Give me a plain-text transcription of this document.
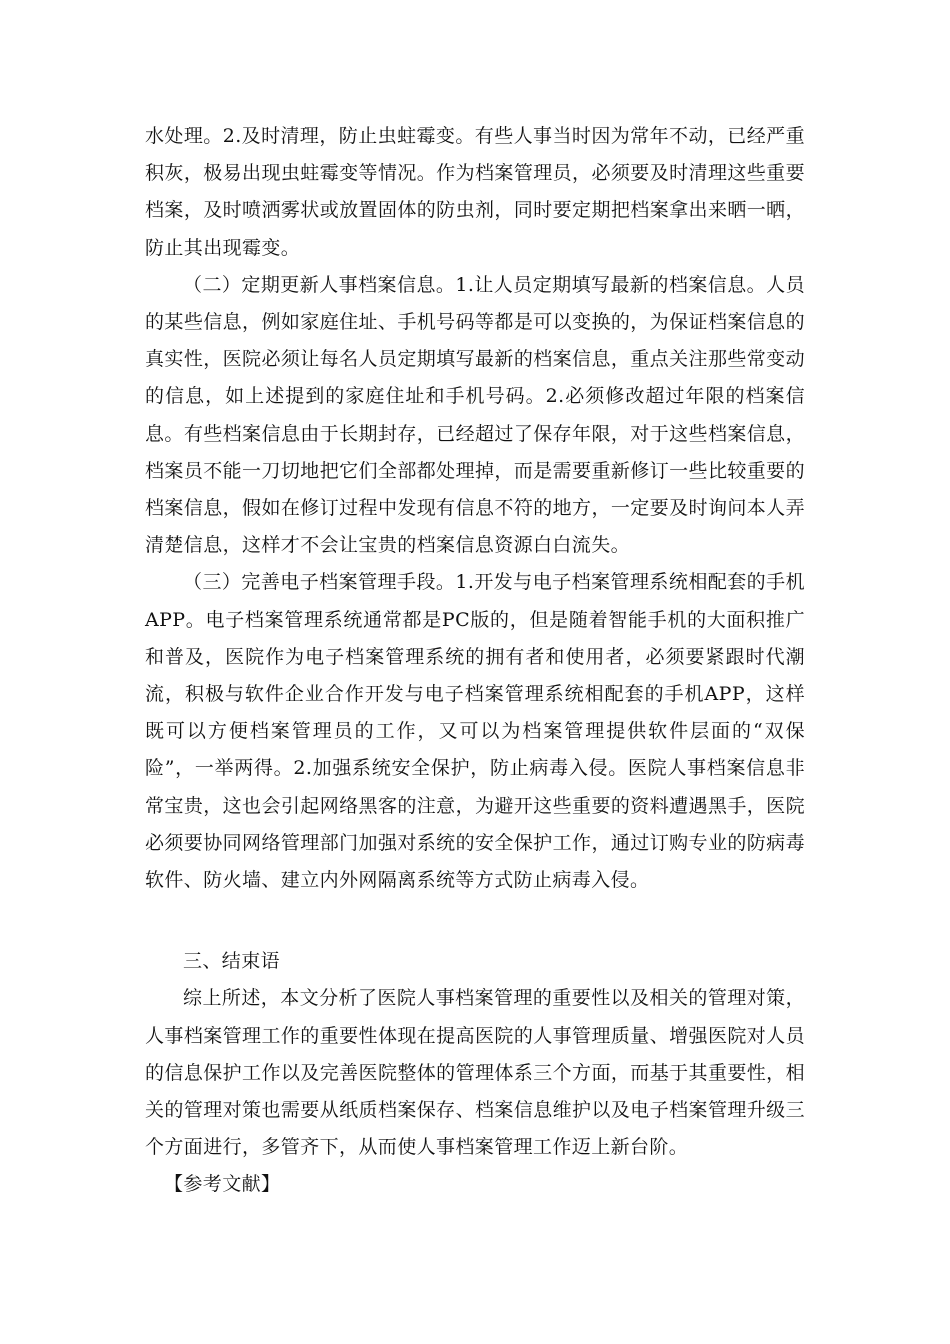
水处理。2.及时清理，防止虫蛀霉变。有些人事当时因为常年不动，已经严重积灰，极易出现虫蛀霉变等情况。作为档案管理员，必须要及时清理这些重要档案，及时喷洒雾状或放置固体的防虫剂，同时要定期把档案拿出来晒一晒，防止其出现霉变。

（二）定期更新人事档案信息。1.让人员定期填写最新的档案信息。人员的某些信息，例如家庭住址、手机号码等都是可以变换的，为保证档案信息的真实性，医院必须让每名人员定期填写最新的档案信息，重点关注那些常变动的信息，如上述提到的家庭住址和手机号码。2.必须修改超过年限的档案信息。有些档案信息由于长期封存，已经超过了保存年限，对于这些档案信息，档案员不能一刀切地把它们全部都处理掉，而是需要重新修订一些比较重要的档案信息，假如在修订过程中发现有信息不符的地方，一定要及时询问本人弄清楚信息，这样才不会让宝贵的档案信息资源白白流失。

（三）完善电子档案管理手段。1.开发与电子档案管理系统相配套的手机APP。电子档案管理系统通常都是PC版的，但是随着智能手机的大面积推广和普及，医院作为电子档案管理系统的拥有者和使用者，必须要紧跟时代潮流，积极与软件企业合作开发与电子档案管理系统相配套的手机APP，这样既可以方便档案管理员的工作，又可以为档案管理提供软件层面的“双保险”，一举两得。2.加强系统安全保护，防止病毒入侵。医院人事档案信息非常宝贵，这也会引起网络黑客的注意，为避开这些重要的资料遭遇黑手，医院必须要协同网络管理部门加强对系统的安全保护工作，通过订购专业的防病毒软件、防火墙、建立内外网隔离系统等方式防止病毒入侵。

三、结束语

综上所述，本文分析了医院人事档案管理的重要性以及相关的管理对策，人事档案管理工作的重要性体现在提高医院的人事管理质量、增强医院对人员的信息保护工作以及完善医院整体的管理体系三个方面，而基于其重要性，相关的管理对策也需要从纸质档案保存、档案信息维护以及电子档案管理升级三个方面进行，多管齐下，从而使人事档案管理工作迈上新台阶。

【参考文献】
